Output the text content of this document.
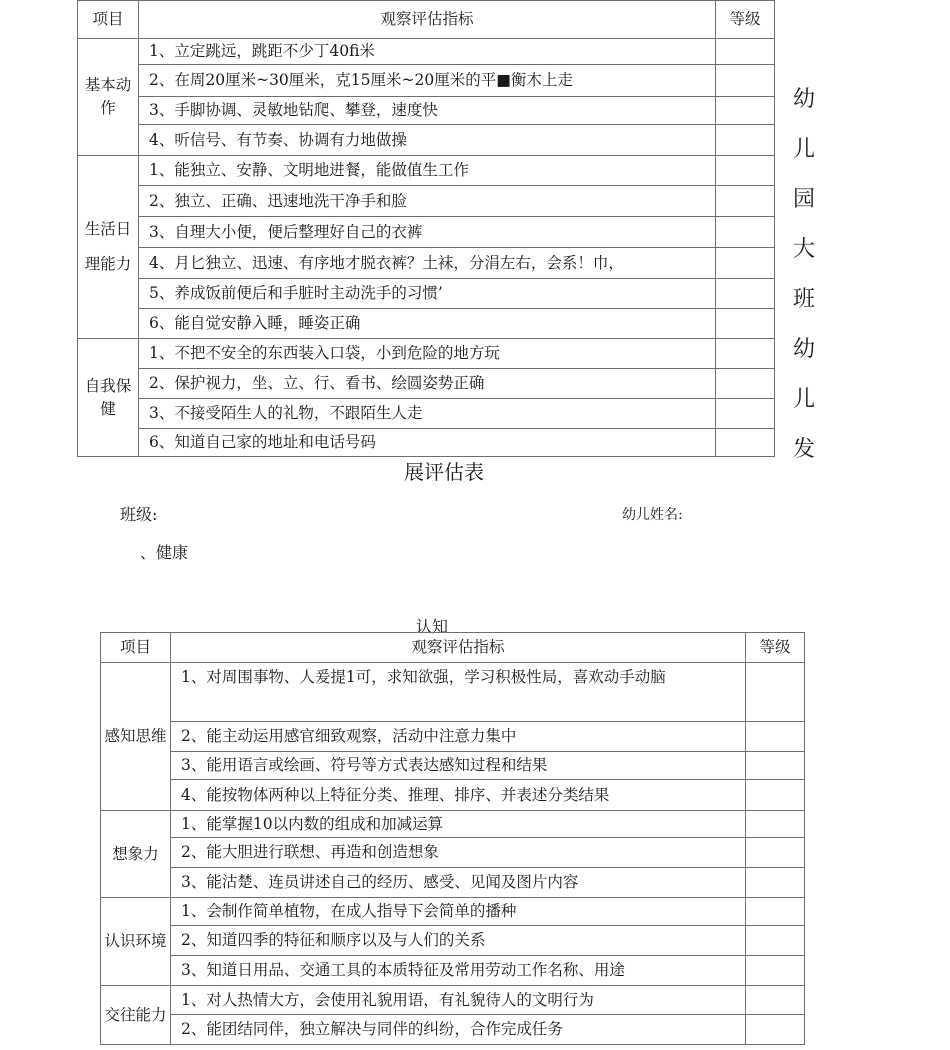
项目	观察评估指标	等级
基本动作	1、立定跳远，跳距不少丁40fi米	
	2、在周20厘米~30厘米，克15厘米~20厘米的平■衡木上走	
	3、手脚协调、灵敏地钻爬、攀登，速度快	
	4、听信号、有节奏、协调有力地做操	
生活日理能力	1、能独立、安静、文明地进餐，能做值生工作	
	2、独立、正确、迅速地洗干净手和脸	
	3、自理大小便，便后整理好自己的衣裤	
	4、月匕独立、迅速、有序地才脱衣裤？土袜，分涓左右，会系！巾，	
	5、养成饭前便后和手脏时主动洗手的习惯’	
	6、能自觉安静入睡，睡姿正确	
自我保健	1、不把不安全的东西装入口袋，小到危险的地方玩	
	2、保护视力，坐、立、行、看书、绘圆姿势正确	
	3、不接受陌生人的礼物，不跟陌生人走	
	6、知道自己家的地址和电话号码	
幼
儿
园
大
班
幼
儿
发
展评估表
班级:	幼儿姓名:
、健康
认知
项目	观察评估指标	等级
感知思维	1、对周围事物、人爰提1可，求知欲强，学习积极性局，喜欢动手动脑	
	2、能主动运用感官细致观察，活动中注意力集中	
	3、能用语言或绘画、符号等方式表达感知过程和结果	
	4、能按物体两种以上特征分类、推理、排序、并表述分类结果	
想象力	1、能掌握10以内数的组成和加减运算	
	2、能大胆进行联想、再造和创造想象	
	3、能沽楚、连员讲述自己的经历、感受、见闻及图片内容	
认识环境	1、会制作简单植物，在成人指导下会简单的播种	
	2、知道四季的特征和顺序以及与人们的关系	
	3、知道日用品、交通工具的本质特征及常用劳动工作名称、用途	
交往能力	1、对人热情大方，会使用礼貌用语，有礼貌待人的文明行为	
	2、能团结同伴，独立解决与同伴的纠纷，合作完成任务	
